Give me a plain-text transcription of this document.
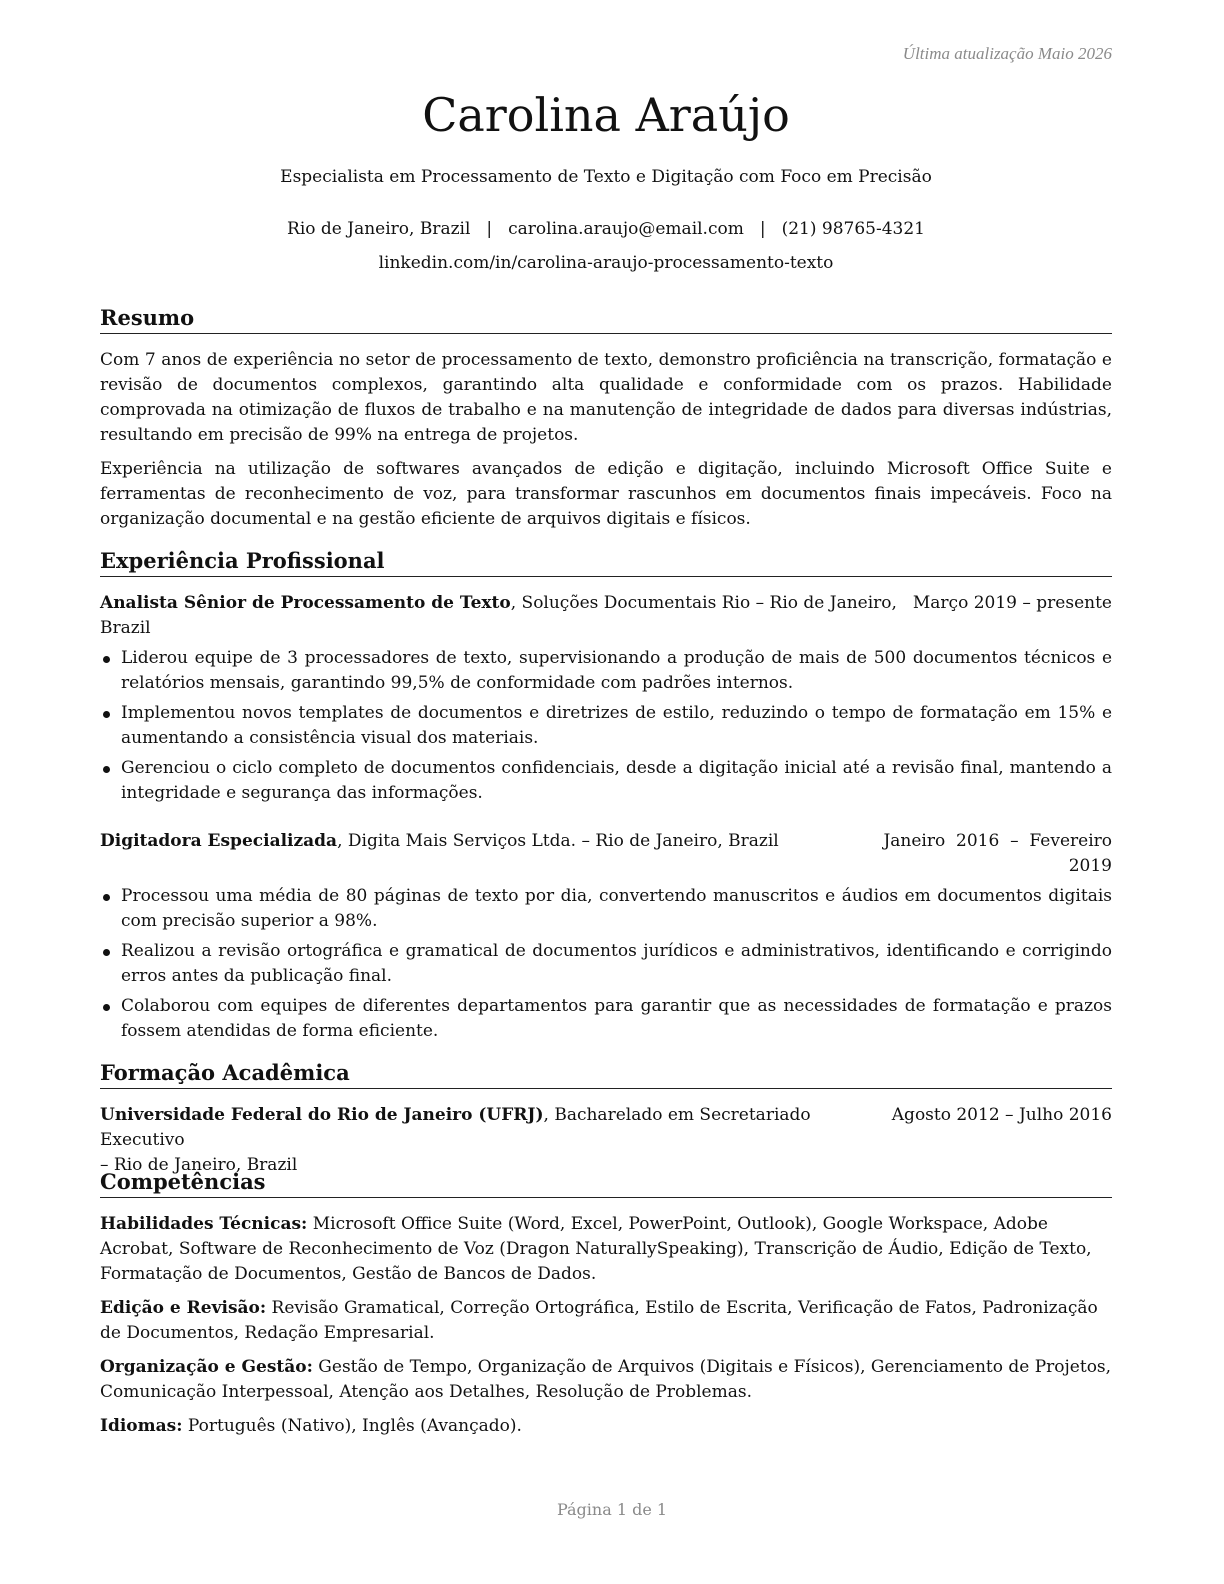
Última atualização Maio 2026
Carolina Araújo
Especialista em Processamento de Texto e Digitação com Foco em Precisão
Rio de Janeiro, Brazil | carolina.araujo@email.com | (21) 98765-4321
linkedin.com/in/carolina-araujo-processamento-texto
Resumo
Com 7 anos de experiência no setor de processamento de texto, demonstro proficiência na transcrição, formatação e revisão de documentos complexos, garantindo alta qualidade e conformidade com os prazos. Habilidade comprovada na otimização de fluxos de trabalho e na manutenção de integridade de dados para diversas indústrias, resultando em precisão de 99% na entrega de projetos.
Experiência na utilização de softwares avançados de edição e digitação, incluindo Microsoft Office Suite e ferramentas de reconhecimento de voz, para transformar rascunhos em documentos finais impecáveis. Foco na organização documental e na gestão eficiente de arquivos digitais e físicos.
Experiência Profissional
Março 2019 – presente
Analista Sênior de Processamento de Texto, Soluções Documentais Rio – Rio de Janeiro,
Brazil
Liderou equipe de 3 processadores de texto, supervisionando a produção de mais de 500 documentos técnicos e relatórios mensais, garantindo 99,5% de conformidade com padrões internos.
Implementou novos templates de documentos e diretrizes de estilo, reduzindo o tempo de formatação em 15% e aumentando a consistência visual dos materiais.
Gerenciou o ciclo completo de documentos confidenciais, desde a digitação inicial até a revisão final, mantendo a integridade e segurança das informações.
Janeiro  2016  –  Fevereiro
2019
Digitadora Especializada, Digita Mais Serviços Ltda. – Rio de Janeiro, Brazil
Processou uma média de 80 páginas de texto por dia, convertendo manuscritos e áudios em documentos digitais com precisão superior a 98%.
Realizou a revisão ortográfica e gramatical de documentos jurídicos e administrativos, identificando e corrigindo erros antes da publicação final.
Colaborou com equipes de diferentes departamentos para garantir que as necessidades de formatação e prazos fossem atendidas de forma eficiente.
Formação Acadêmica
Agosto 2012 – Julho 2016
Universidade Federal do Rio de Janeiro (UFRJ), Bacharelado em Secretariado Executivo
– Rio de Janeiro, Brazil
Competências
Habilidades Técnicas: Microsoft Office Suite (Word, Excel, PowerPoint, Outlook), Google Workspace, Adobe Acrobat, Software de Reconhecimento de Voz (Dragon NaturallySpeaking), Transcrição de Áudio, Edição de Texto, Formatação de Documentos, Gestão de Bancos de Dados.
Edição e Revisão: Revisão Gramatical, Correção Ortográfica, Estilo de Escrita, Verificação de Fatos, Padronização de Documentos, Redação Empresarial.
Organização e Gestão: Gestão de Tempo, Organização de Arquivos (Digitais e Físicos), Gerenciamento de Projetos, Comunicação Interpessoal, Atenção aos Detalhes, Resolução de Problemas.
Idiomas: Português (Nativo), Inglês (Avançado).
Página 1 de 1
